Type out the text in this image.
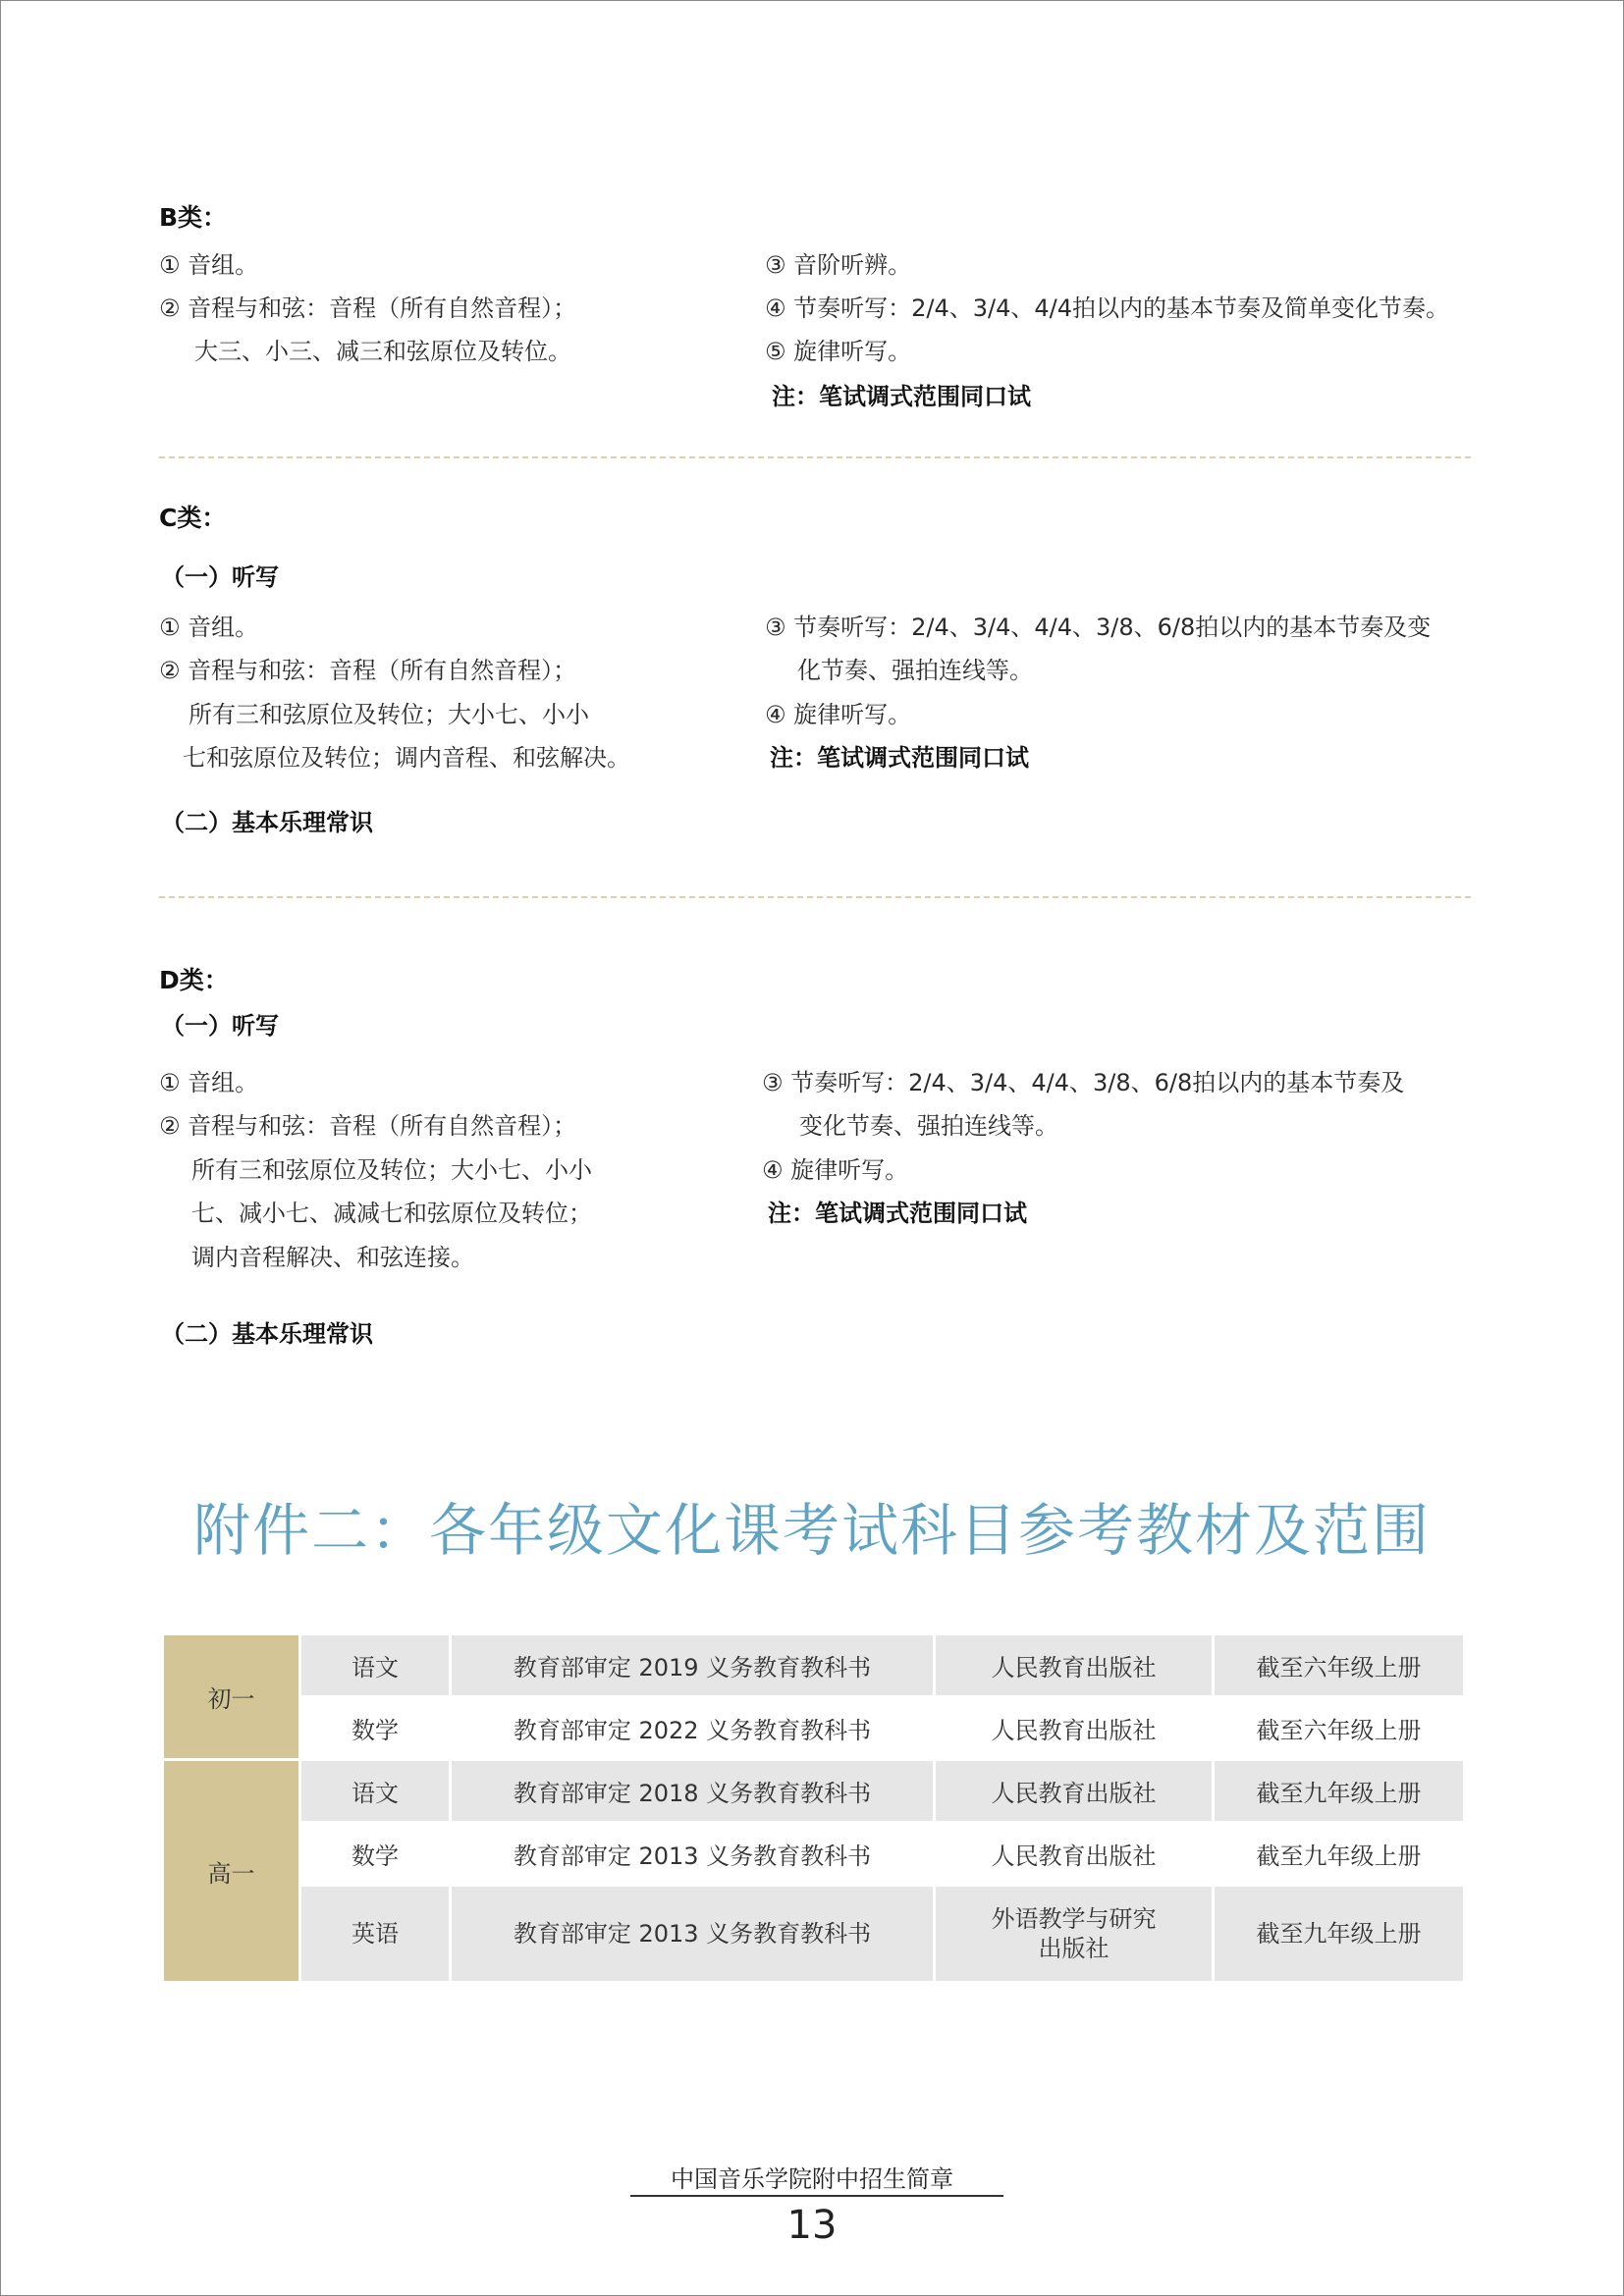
B类：
① 音组。
② 音程与和弦：音程（所有自然音程）；
大三、小三、减三和弦原位及转位。
③ 音阶听辨。
④ 节奏听写：2/4、3/4、4/4拍以内的基本节奏及简单变化节奏。
⑤ 旋律听写。
注：笔试调式范围同口试
C类：
（一）听写
① 音组。
② 音程与和弦：音程（所有自然音程）；
所有三和弦原位及转位；大小七、小小
七和弦原位及转位；调内音程、和弦解决。
③ 节奏听写：2/4、3/4、4/4、3/8、6/8拍以内的基本节奏及变
化节奏、强拍连线等。
④ 旋律听写。
注：笔试调式范围同口试
（二）基本乐理常识
D类：
（一）听写
① 音组。
② 音程与和弦：音程（所有自然音程）；
所有三和弦原位及转位；大小七、小小
七、减小七、减减七和弦原位及转位；
调内音程解决、和弦连接。
③ 节奏听写：2/4、3/4、4/4、3/8、6/8拍以内的基本节奏及
变化节奏、强拍连线等。
④ 旋律听写。
注：笔试调式范围同口试
（二）基本乐理常识
附件二：各年级文化课考试科目参考教材及范围
初一	语文	教育部审定 2019 义务教育教科书	人民教育出版社	截至六年级上册
	数学	教育部审定 2022 义务教育教科书	人民教育出版社	截至六年级上册
高一	语文	教育部审定 2018 义务教育教科书	人民教育出版社	截至九年级上册
	数学	教育部审定 2013 义务教育教科书	人民教育出版社	截至九年级上册
	英语	教育部审定 2013 义务教育教科书	外语教学与研究
出版社	截至九年级上册
中国音乐学院附中招生简章
13
